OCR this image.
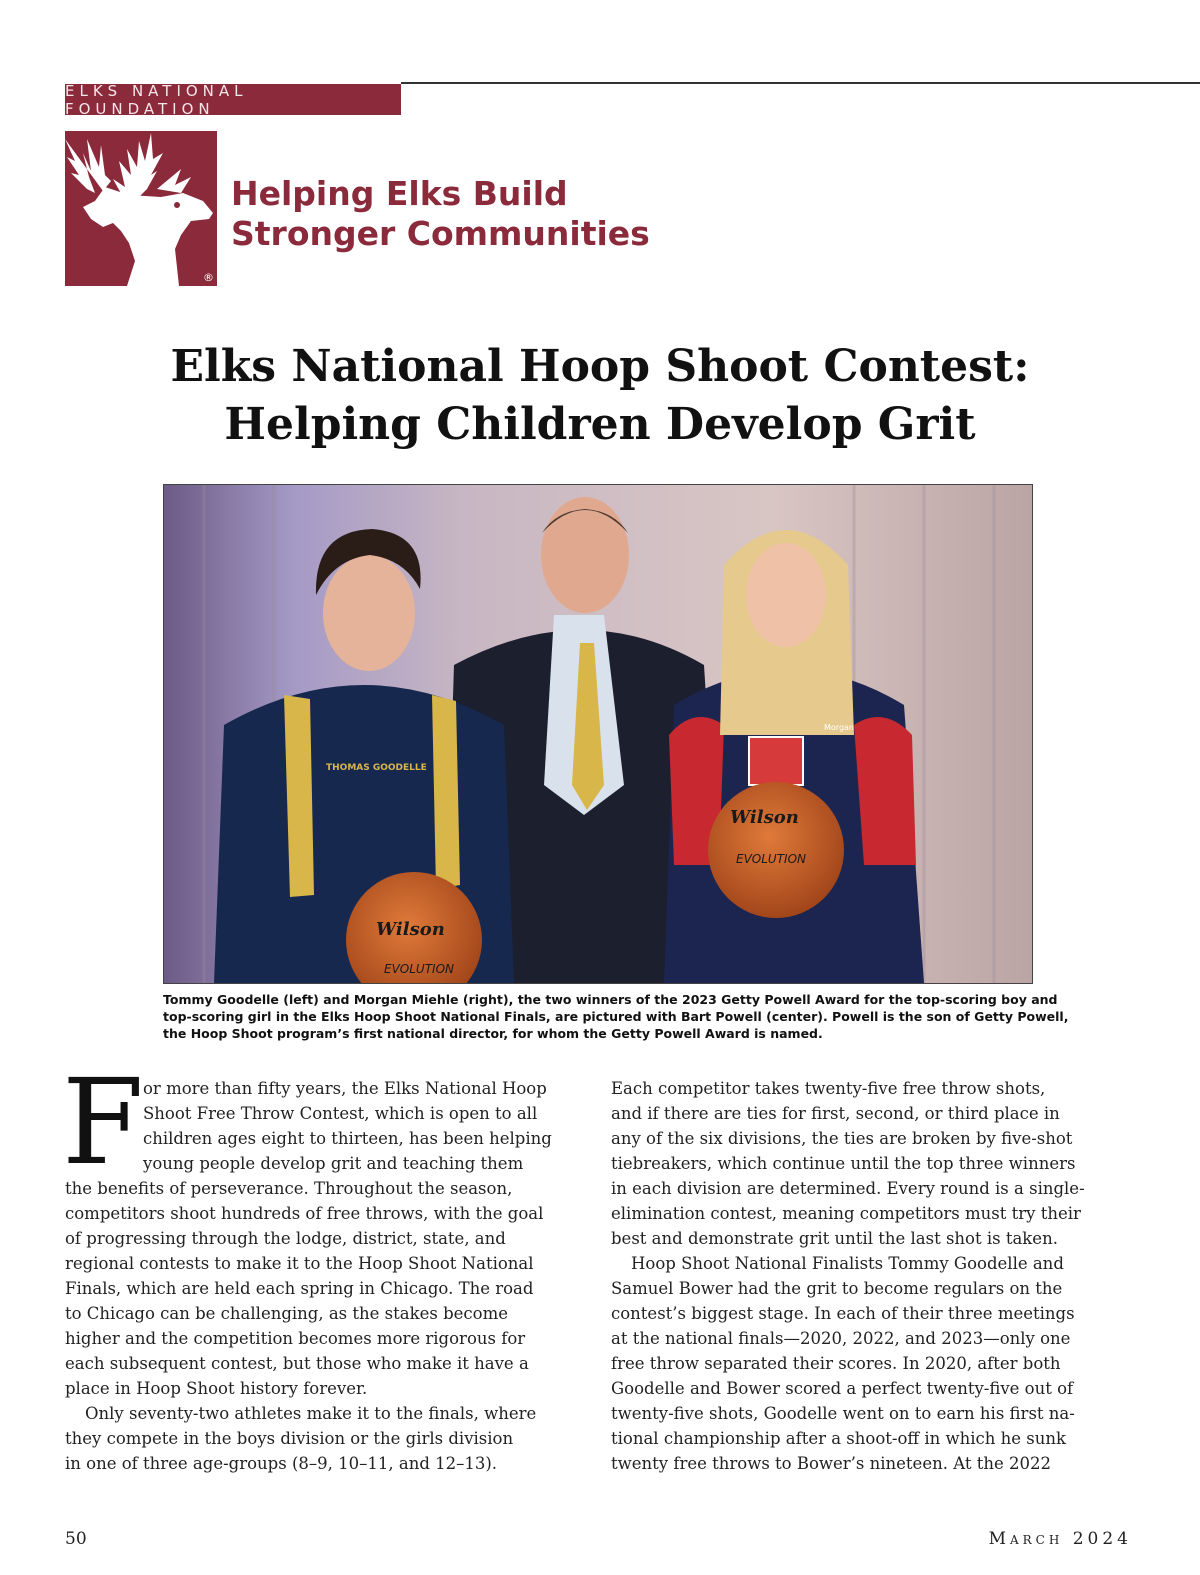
ELKS NATIONAL FOUNDATION
®
Helping Elks Build
Stronger Communities
Elks National Hoop Shoot Contest:
Helping Children Develop Grit
THOMAS GOODELLE
Morgan
Wilson
EVOLUTION
Wilson
EVOLUTION
Tommy Goodelle (left) and Morgan Miehle (right), the two winners of the 2023 Getty Powell Award for the top-scoring boy and
top-scoring girl in the Elks Hoop Shoot National Finals, are pictured with Bart Powell (center). Powell is the son of Getty Powell,
the Hoop Shoot program’s first national director, for whom the Getty Powell Award is named.
F or more than fifty years, the Elks National Hoop
Shoot Free Throw Contest, which is open to all
children ages eight to thirteen, has been helping
young people develop grit and teaching them
the benefits of perseverance. Throughout the season,
competitors shoot hundreds of free throws, with the goal
of progressing through the lodge, district, state, and
regional contests to make it to the Hoop Shoot National
Finals, which are held each spring in Chicago. The road
to Chicago can be challenging, as the stakes become
higher and the competition becomes more rigorous for
each subsequent contest, but those who make it have a
place in Hoop Shoot history forever.
Only seventy-two athletes make it to the finals, where
they compete in the boys division or the girls division
in one of three age-groups (8–9, 10–11, and 12–13).
Each competitor takes twenty-five free throw shots,
and if there are ties for first, second, or third place in
any of the six divisions, the ties are broken by five-shot
tiebreakers, which continue until the top three winners
in each division are determined. Every round is a single-
elimination contest, meaning competitors must try their
best and demonstrate grit until the last shot is taken.
Hoop Shoot National Finalists Tommy Goodelle and
Samuel Bower had the grit to become regulars on the
contest’s biggest stage. In each of their three meetings
at the national finals—2020, 2022, and 2023—only one
free throw separated their scores. In 2020, after both
Goodelle and Bower scored a perfect twenty-five out of
twenty-five shots, Goodelle went on to earn his first na-
tional championship after a shoot-off in which he sunk
twenty free throws to Bower’s nineteen. At the 2022
50	March 2024
